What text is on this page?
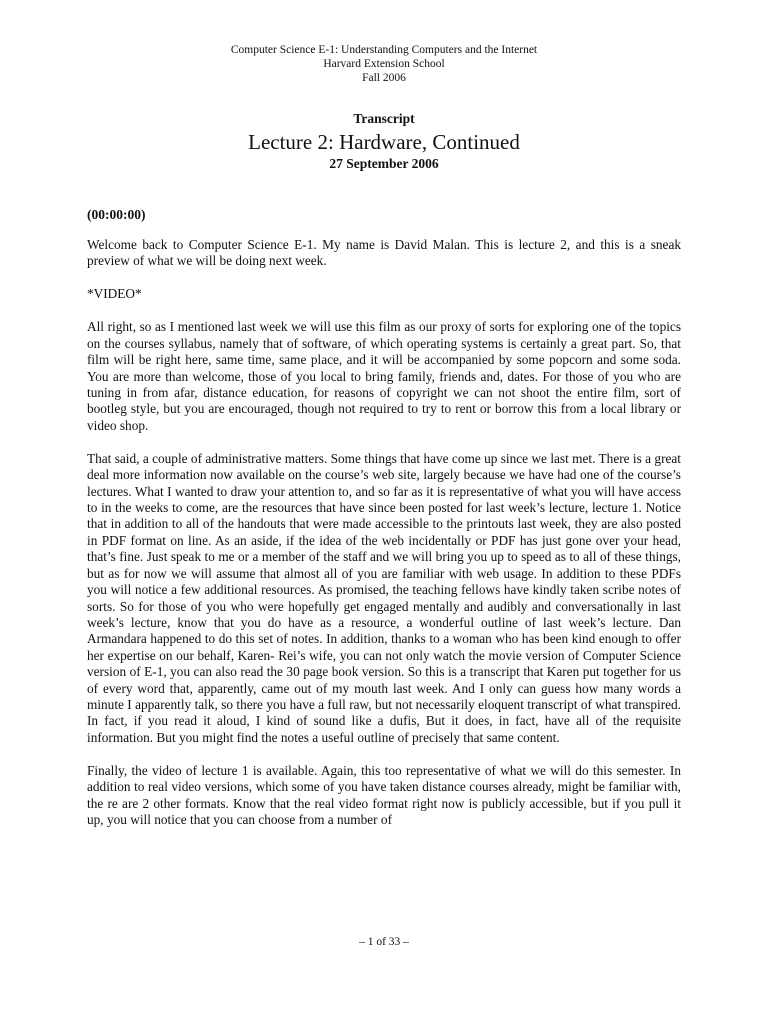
Computer Science E-1: Understanding Computers and the Internet
Harvard Extension School
Fall 2006
Transcript
Lecture 2: Hardware, Continued
27 September 2006
(00:00:00)

Welcome back to Computer Science E-1. My name is David Malan. This is lecture 2, and this is a sneak preview of what we will be doing next week.

*VIDEO*

All right, so as I mentioned last week we will use this film as our proxy of sorts for exploring one of the topics on the courses syllabus, namely that of software, of which operating systems is certainly a great part. So, that film will be right here, same time, same place, and it will be accompanied by some popcorn and some soda. You are more than welcome, those of you local to bring family, friends and, dates. For those of you who are tuning in from afar, distance education, for reasons of copyright we can not shoot the entire film, sort of bootleg style, but you are encouraged, though not required to try to rent or borrow this from a local library or video shop.

That said, a couple of administrative matters. Some things that have come up since we last met. There is a great deal more information now available on the course’s web site, largely because we have had one of the course’s lectures. What I wanted to draw your attention to, and so far as it is representative of what you will have access to in the weeks to come, are the resources that have since been posted for last week’s lecture, lecture 1. Notice that in addition to all of the handouts that were made accessible to the printouts last week, they are also posted in PDF format on line. As an aside, if the idea of the web incidentally or PDF has just gone over your head, that’s fine. Just speak to me or a member of the staff and we will bring you up to speed as to all of these things, but as for now we will assume that almost all of you are familiar with web usage. In addition to these PDFs you will notice a few additional resources. As promised, the teaching fellows have kindly taken scribe notes of sorts. So for those of you who were hopefully get engaged mentally and audibly and conversationally in last week’s lecture, know that you do have as a resource, a wonderful outline of last week’s lecture. Dan Armandara happened to do this set of notes. In addition, thanks to a woman who has been kind enough to offer her expertise on our behalf, Karen- Rei’s wife, you can not only watch the movie version of Computer Science version of E-1, you can also read the 30 page book version. So this is a transcript that Karen put together for us of every word that, apparently, came out of my mouth last week. And I only can guess how many words a minute I apparently talk, so there you have a full raw, but not necessarily eloquent transcript of what transpired. In fact, if you read it aloud, I kind of sound like a dufis, But it does, in fact, have all of the requisite information. But you might find the notes a useful outline of precisely that same content.

Finally, the video of lecture 1 is available. Again, this too representative of what we will do this semester. In addition to real video versions, which some of you have taken distance courses already, might be familiar with, the re are 2 other formats. Know that the real video format right now is publicly accessible, but if you pull it up, you will notice that you can choose from a number of

– 1 of 33 –
